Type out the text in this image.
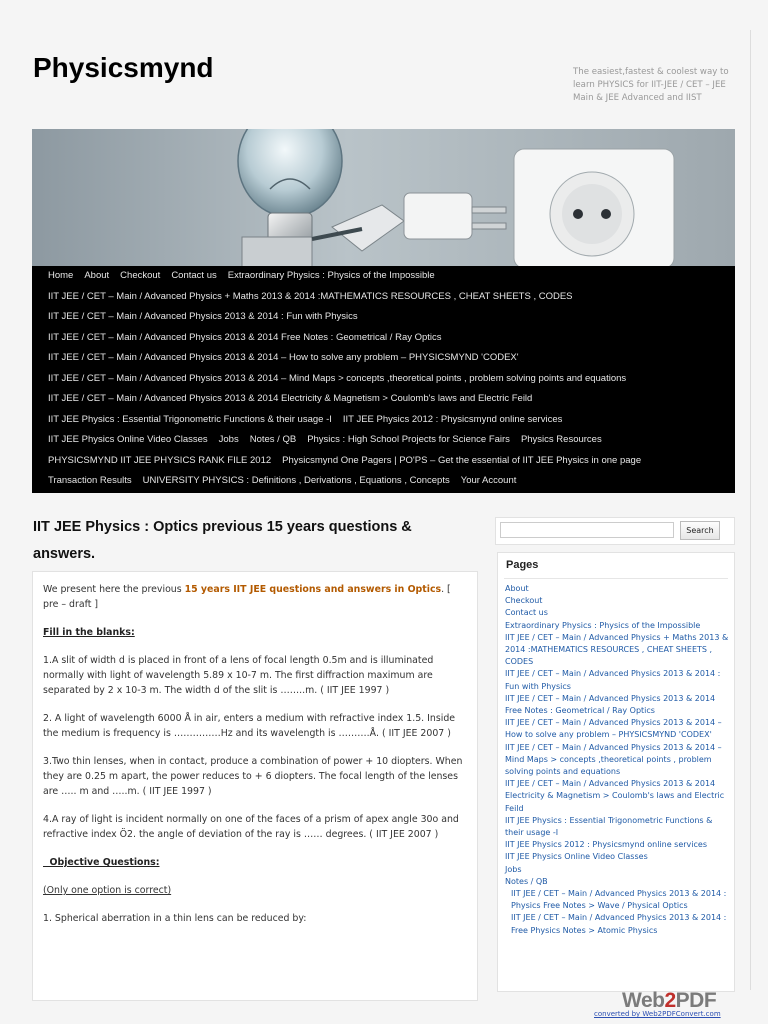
Physicsmynd	The easiest,fastest & coolest way to learn PHYSICS for IIT-JEE / CET – JEE Main & JEE Advanced and IIST
Home About Checkout Contact us Extraordinary Physics : Physics of the Impossible
IIT JEE / CET – Main / Advanced Physics + Maths 2013 & 2014 :MATHEMATICS RESOURCES , CHEAT SHEETS , CODES
IIT JEE / CET – Main / Advanced Physics 2013 & 2014 : Fun with Physics
IIT JEE / CET – Main / Advanced Physics 2013 & 2014 Free Notes : Geometrical / Ray Optics
IIT JEE / CET – Main / Advanced Physics 2013 & 2014 – How to solve any problem – PHYSICSMYND 'CODEX'
IIT JEE / CET – Main / Advanced Physics 2013 & 2014 – Mind Maps > concepts ,theoretical points , problem solving points and equations
IIT JEE / CET – Main / Advanced Physics 2013 & 2014 Electricity & Magnetism > Coulomb's laws and Electric Feild
IIT JEE Physics : Essential Trigonometric Functions & their usage -I IIT JEE Physics 2012 : Physicsmynd online services
IIT JEE Physics Online Video Classes Jobs Notes / QB Physics : High School Projects for Science Fairs Physics Resources
PHYSICSMYND IIT JEE PHYSICS RANK FILE 2012 Physicsmynd One Pagers | PO'PS – Get the essential of IIT JEE Physics in one page
Transaction Results UNIVERSITY PHYSICS : Definitions , Derivations , Equations , Concepts Your Account
IIT JEE Physics : Optics previous 15 years questions & answers.

We present here the previous 15 years IIT JEE questions and answers in Optics. [ pre – draft ]

Fill in the blanks:

1.A slit of width d is placed in front of a lens of focal length 0.5m and is illuminated normally with light of wavelength 5.89 x 10-7 m. The first diffraction maximum are separated by 2 x 10-3 m. The width d of the slit is ……..m. ( IIT JEE 1997 )

2. A light of wavelength 6000 Å in air, enters a medium with refractive index 1.5. Inside the medium is frequency is ……………Hz and its wavelength is ……….Å. ( IIT JEE 2007 )

3.Two thin lenses, when in contact, produce a combination of power + 10 diopters. When they are 0.25 m apart, the power reduces to + 6 diopters. The focal length of the lenses are ….. m and …..m. ( IIT JEE 1997 )

4.A ray of light is incident normally on one of the faces of a prism of apex angle 30o and refractive index Ö2. the angle of deviation of the ray is …… degrees. ( IIT JEE 2007 )

Objective Questions:

(Only one option is correct)

1. Spherical aberration in a thin lens can be reduced by:

Search
Pages
About
Checkout
Contact us
Extraordinary Physics : Physics of the Impossible
IIT JEE / CET – Main / Advanced Physics + Maths 2013 & 2014 :MATHEMATICS RESOURCES , CHEAT SHEETS , CODES
IIT JEE / CET – Main / Advanced Physics 2013 & 2014 : Fun with Physics
IIT JEE / CET – Main / Advanced Physics 2013 & 2014 Free Notes : Geometrical / Ray Optics
IIT JEE / CET – Main / Advanced Physics 2013 & 2014 – How to solve any problem – PHYSICSMYND 'CODEX'
IIT JEE / CET – Main / Advanced Physics 2013 & 2014 – Mind Maps > concepts ,theoretical points , problem solving points and equations
IIT JEE / CET – Main / Advanced Physics 2013 & 2014 Electricity & Magnetism > Coulomb's laws and Electric Feild
IIT JEE Physics : Essential Trigonometric Functions & their usage -I
IIT JEE Physics 2012 : Physicsmynd online services
IIT JEE Physics Online Video Classes
Jobs
Notes / QB
IIT JEE / CET – Main / Advanced Physics 2013 & 2014 : Physics Free Notes > Wave / Physical Optics
IIT JEE / CET – Main / Advanced Physics 2013 & 2014 : Free Physics Notes > Atomic Physics
Web2PDF
converted by Web2PDFConvert.com
